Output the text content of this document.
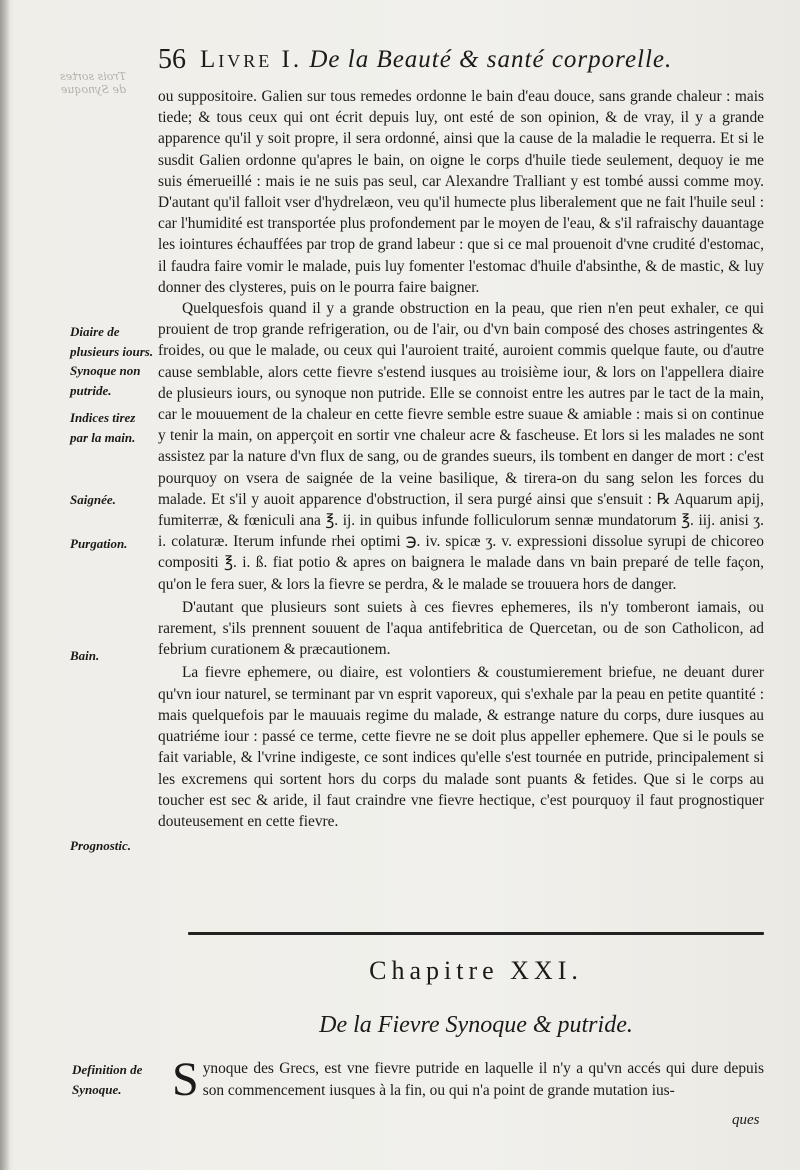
Trois sortes
de Synoque
56 Livre I. De la Beauté & santé corporelle.
Diaire de plusieurs iours. Synoque non putride.
Indices tirez par la main.
Saignée.
Purgation.
Bain.
Prognostic.
Definition de Synoque.

ou suppositoire. Galien sur tous remedes ordonne le bain d'eau douce, sans grande chaleur : mais tiede; & tous ceux qui ont écrit depuis luy, ont esté de son opinion, & de vray, il y a grande apparence qu'il y soit propre, il sera ordonné, ainsi que la cause de la maladie le requerra. Et si le susdit Galien ordonne qu'apres le bain, on oigne le corps d'huile tiede seulement, dequoy ie me suis émerueillé : mais ie ne suis pas seul, car Alexandre Tralliant y est tombé aussi comme moy. D'autant qu'il falloit vser d'hydrelæon, veu qu'il humecte plus liberalement que ne fait l'huile seul : car l'humidité est transportée plus profondement par le moyen de l'eau, & s'il rafraischy dauantage les iointures échauffées par trop de grand labeur : que si ce mal prouenoit d'vne crudité d'estomac, il faudra faire vomir le malade, puis luy fomenter l'estomac d'huile d'absinthe, & de mastic, & luy donner des clysteres, puis on le pourra faire baigner.

Quelquesfois quand il y a grande obstruction en la peau, que rien n'en peut exhaler, ce qui prouient de trop grande refrigeration, ou de l'air, ou d'vn bain composé des choses astringentes & froides, ou que le malade, ou ceux qui l'auroient traité, auroient commis quelque faute, ou d'autre cause semblable, alors cette fievre s'estend iusques au troisième iour, & lors on l'appellera diaire de plusieurs iours, ou synoque non putride. Elle se connoist entre les autres par le tact de la main, car le mouuement de la chaleur en cette fievre semble estre suaue & amiable : mais si on continue y tenir la main, on apperçoit en sortir vne chaleur acre & fascheuse. Et lors si les malades ne sont assistez par la nature d'vn flux de sang, ou de grandes sueurs, ils tombent en danger de mort : c'est pourquoy on vsera de saignée de la veine basilique, & tirera-on du sang selon les forces du malade. Et s'il y auoit apparence d'obstruction, il sera purgé ainsi que s'ensuit : ℞ Aquarum apij, fumiterræ, & fœniculi ana ℥. ij. in quibus infunde folliculorum sennæ mundatorum ℥. iij. anisi ʒ. i. colaturæ. Iterum infunde rhei optimi ℈. iv. spicæ ʒ. v. expressioni dissolue syrupi de chicoreo compositi ℥. i. ß. fiat potio & apres on baignera le malade dans vn bain preparé de telle façon, qu'on le fera suer, & lors la fievre se perdra, & le malade se trouuera hors de danger.

D'autant que plusieurs sont suiets à ces fievres ephemeres, ils n'y tomberont iamais, ou rarement, s'ils prennent souuent de l'aqua antifebritica de Quercetan, ou de son Catholicon, ad febrium curationem & præcautionem.

La fievre ephemere, ou diaire, est volontiers & coustumierement briefue, ne deuant durer qu'vn iour naturel, se terminant par vn esprit vaporeux, qui s'exhale par la peau en petite quantité : mais quelquefois par le mauuais regime du malade, & estrange nature du corps, dure iusques au quatriéme iour : passé ce terme, cette fievre ne se doit plus appeller ephemere. Que si le pouls se fait variable, & l'vrine indigeste, ce sont indices qu'elle s'est tournée en putride, principalement si les excremens qui sortent hors du corps du malade sont puants & fetides. Que si le corps au toucher est sec & aride, il faut craindre vne fievre hectique, c'est pourquoy il faut prognostiquer douteusement en cette fievre.

Chapitre XXI.
De la Fievre Synoque & putride.
S ynoque des Grecs, est vne fievre putride en laquelle il n'y a qu'vn accés qui dure depuis son commencement iusques à la fin, ou qui n'a point de grande mutation ius-
ques
